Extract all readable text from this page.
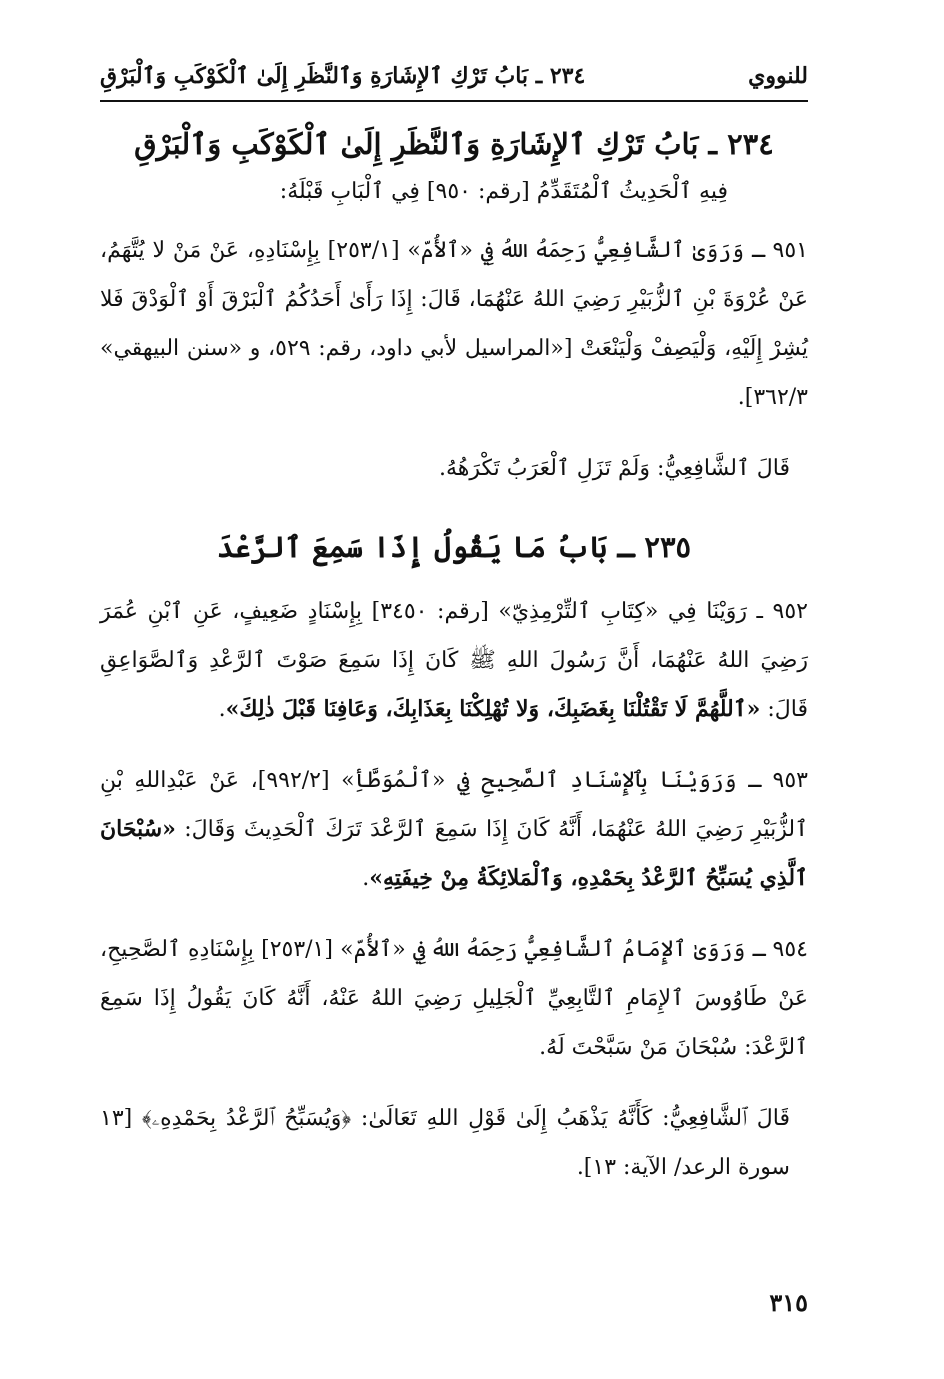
للنووي
٢٣٤ ـ بَابُ تَرْكِ ٱلإِشَارَةِ وَٱلنَّظَرِ إِلَىٰ ٱلْكَوْكَبِ وَٱلْبَرْقِ
٢٣٤ ـ بَابُ تَرْكِ ٱلإِشَارَةِ وَٱلنَّظَرِ إِلَىٰ ٱلْكَوْكَبِ وَٱلْبَرْقِ

فِيهِ ٱلْحَدِيثُ ٱلْمُتَقَدِّمُ [رقم: ٩٥٠] فِي ٱلْبَابِ قَبْلَهُ:

٩٥١ ـ وَرَوَىٰ ٱلشَّافِعِيُّ رَحِمَهُ اللهُ فِي «ٱلأُمّ» [٢٥٣/١] بِإِسْنَادِهِ، عَنْ مَنْ لا يُتَّهَمُ، عَنْ عُرْوَةَ بْنِ ٱلزُّبَيْرِ رَضِيَ اللهُ عَنْهُمَا، قَالَ: إِذَا رَأَىٰ أَحَدُكُمُ ٱلْبَرْقَ أَوْ ٱلْوَدْقَ فَلا يُشِرْ إِلَيْهِ، وَلْيَصِفْ وَلْيَنْعَتْ [«المراسيل لأبي داود، رقم: ٥٢٩، و «سنن البيهقي» ٣٦٢/٣].

قَالَ ٱلشَّافِعِيُّ: وَلَمْ تَزَلِ ٱلْعَرَبُ تَكْرَهُهُ.

٢٣٥ ـ بَابُ مَا يَقُولُ إِذَا سَمِعَ ٱلرَّعْدَ

٩٥٢ ـ رَوَيْنَا فِي «كِتَابِ ٱلتِّرْمِذِيّ» [رقم: ٣٤٥٠] بِإِسْنَادٍ ضَعِيفٍ، عَنِ ٱبْنِ عُمَرَ رَضِيَ اللهُ عَنْهُمَا، أَنَّ رَسُولَ اللهِ ﷺ كَانَ إِذَا سَمِعَ صَوْتَ ٱلرَّعْدِ وَٱلصَّوَاعِقِ قَالَ: «ٱللَّهُمَّ لَا تَقْتُلْنَا بِغَضَبِكَ، وَلا تُهْلِكْنَا بِعَذَابِكَ، وَعَافِنَا قَبْلَ ذٰلِكَ».

٩٥٣ ـ وَرَوَيْنَا بِٱلإِسْنَادِ ٱلصَّحِيحِ فِي «ٱلْمُوَطَّأِ» [٩٩٢/٢]، عَنْ عَبْدِاللهِ بْنِ ٱلزُّبَيْرِ رَضِيَ اللهُ عَنْهُمَا، أَنَّهُ كَانَ إِذَا سَمِعَ ٱلرَّعْدَ تَرَكَ ٱلْحَدِيثَ وَقَالَ: «سُبْحَانَ ٱلَّذِي يُسَبِّحُ ٱلرَّعْدُ بِحَمْدِهِ، وَٱلْمَلائِكَةُ مِنْ خِيفَتِهِ».

٩٥٤ ـ وَرَوَىٰ ٱلإِمَامُ ٱلشَّافِعِيُّ رَحِمَهُ اللهُ فِي «ٱلأُمّ» [٢٥٣/١] بِإِسْنَادِهِ ٱلصَّحِيحِ، عَنْ طَاوُوسَ ٱلإِمَامِ ٱلتَّابِعِيِّ ٱلْجَلِيلِ رَضِيَ اللهُ عَنْهُ، أَنَّهُ كَانَ يَقُولُ إِذَا سَمِعَ ٱلرَّعْدَ: سُبْحَانَ مَنْ سَبَّحْتَ لَهُ.

قَالَ ٱلشَّافِعِيُّ: كَأَنَّهُ يَذْهَبُ إِلَىٰ قَوْلِ اللهِ تَعَالَىٰ: ﴿وَيُسَبِّحُ ٱلرَّعْدُ بِحَمْدِهِۦ﴾ [١٣ سورة الرعد/ الآية: ١٣].

٣١٥
